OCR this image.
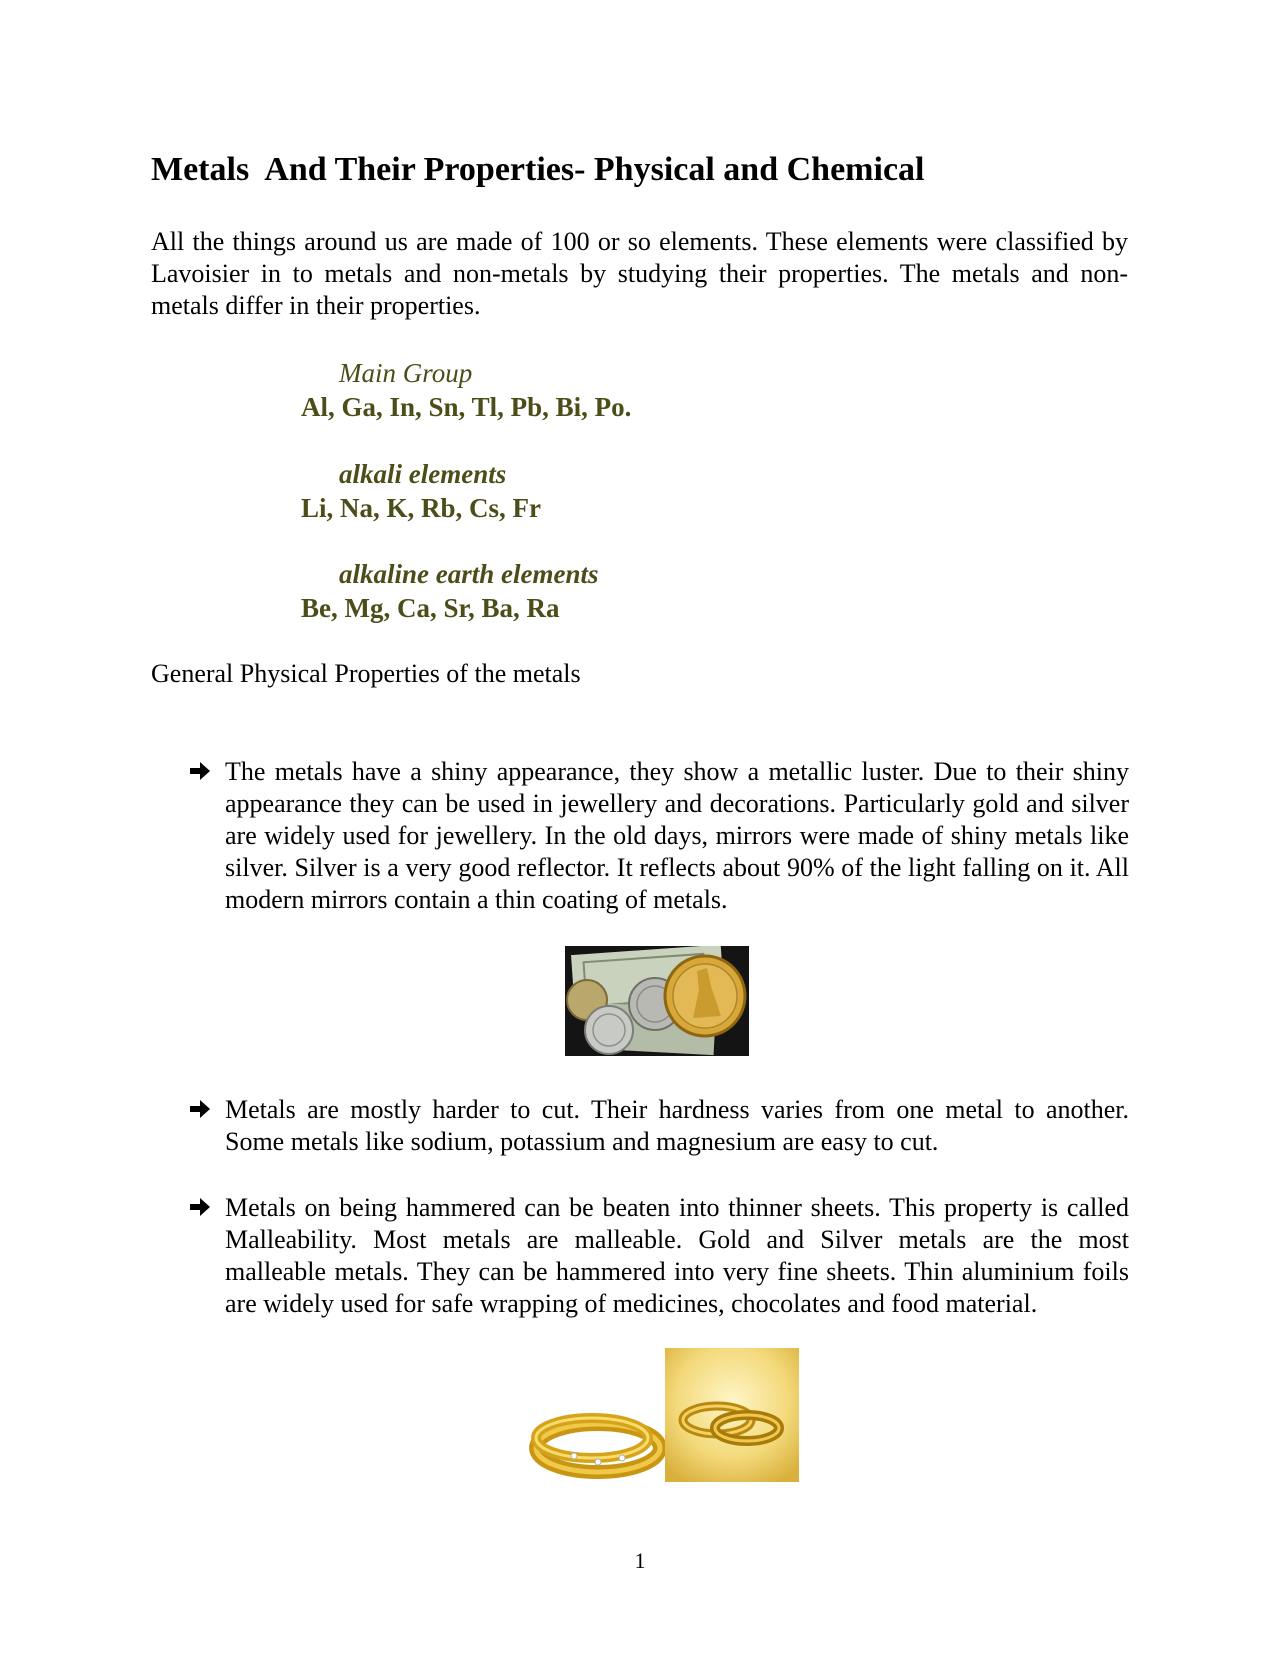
Metals  And Their Properties- Physical and Chemical

All the things around us are made of 100 or so elements. These elements were classified by Lavoisier in to metals and non-metals by studying their properties. The metals and non-metals differ in their properties.

Main Group
Al, Ga, In, Sn, Tl, Pb, Bi, Po.
alkali elements
Li, Na, K, Rb, Cs, Fr
alkaline earth elements
Be, Mg, Ca, Sr, Ba, Ra
General Physical Properties of the metals
The metals have a shiny appearance, they show a metallic luster. Due to their shiny appearance they can be used in jewellery and decorations. Particularly gold and silver are widely used for jewellery. In the old days, mirrors were made of shiny metals like silver. Silver is a very good reflector. It reflects about 90% of the light falling on it. All modern mirrors contain a thin coating of metals.
Metals are mostly harder to cut. Their hardness varies from one metal to another. Some metals like sodium, potassium and magnesium are easy to cut.
Metals on being hammered can be beaten into thinner sheets. This property is called Malleability. Most metals are malleable. Gold and Silver metals are the most malleable metals. They can be hammered into very fine sheets. Thin aluminium foils are widely used for safe wrapping of medicines, chocolates and food material.
1
